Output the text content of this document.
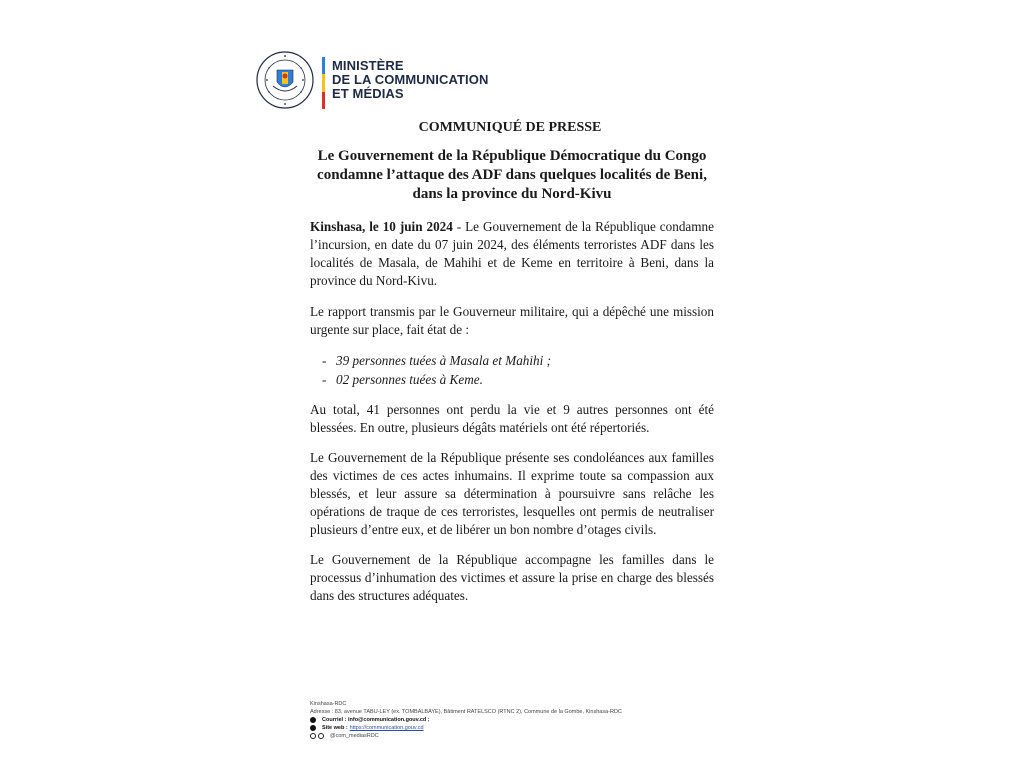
MINISTÈRE
DE LA COMMUNICATION
ET MÉDIAS
COMMUNIQUÉ DE PRESSE
Le Gouvernement de la République Démocratique du Congo condamne l’attaque des ADF dans quelques localités de Beni, dans la province du Nord-Kivu

Kinshasa, le 10 juin 2024 - Le Gouvernement de la République condamne l’incursion, en date du 07 juin 2024, des éléments terroristes ADF dans les localités de Masala, de Mahihi et de Keme en territoire à Beni, dans la province du Nord-Kivu.

Le rapport transmis par le Gouverneur militaire, qui a dépêché une mission urgente sur place, fait état de :

- 39 personnes tuées à Masala et Mahihi ;
- 02 personnes tuées à Keme.

Au total, 41 personnes ont perdu la vie et 9 autres personnes ont été blessées. En outre, plusieurs dégâts matériels ont été répertoriés.

Le Gouvernement de la République présente ses condoléances aux familles des victimes de ces actes inhumains. Il exprime toute sa compassion aux blessés, et leur assure sa détermination à poursuivre sans relâche les opérations de traque de ces terroristes, lesquelles ont permis de neutraliser plusieurs d’entre eux, et de libérer un bon nombre d’otages civils.

Le Gouvernement de la République accompagne les familles dans le processus d’inhumation des victimes et assure la prise en charge des blessés dans des structures adéquates.

Kinshasa-RDC
Adresse : 83, avenue TABU-LEY (ex. TOMBALBAYE), Bâtiment RATELSCO (RTNC 2), Commune de la Gombe, Kinshasa-RDC
Courriel : info@communication.gouv.cd ;
Site web : https://communication.gouv.cd
@com_mediasRDC
